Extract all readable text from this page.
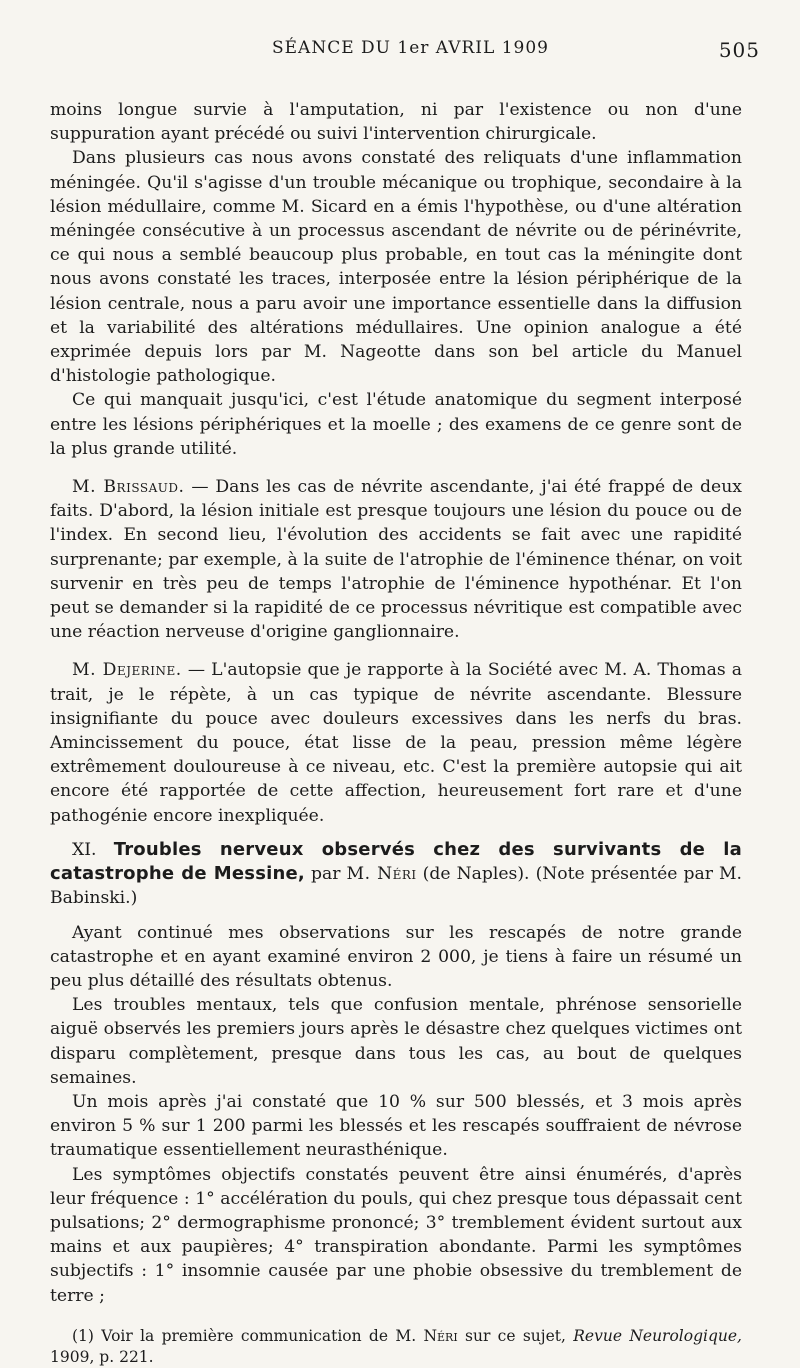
SÉANCE DU 1er AVRIL 1909	505

moins longue survie à l'amputation, ni par l'existence ou non d'une suppuration ayant précédé ou suivi l'intervention chirurgicale.

Dans plusieurs cas nous avons constaté des reliquats d'une inflammation méningée. Qu'il s'agisse d'un trouble mécanique ou trophique, secondaire à la lésion médullaire, comme M. Sicard en a émis l'hypothèse, ou d'une altération méningée consécutive à un processus ascendant de névrite ou de périnévrite, ce qui nous a semblé beaucoup plus probable, en tout cas la méningite dont nous avons constaté les traces, interposée entre la lésion périphérique de la lésion centrale, nous a paru avoir une importance essentielle dans la diffusion et la variabilité des altérations médullaires. Une opinion analogue a été exprimée depuis lors par M. Nageotte dans son bel article du Manuel d'histologie pathologique.

Ce qui manquait jusqu'ici, c'est l'étude anatomique du segment interposé entre les lésions périphériques et la moelle ; des examens de ce genre sont de la plus grande utilité.

M. Brissaud. — Dans les cas de névrite ascendante, j'ai été frappé de deux faits. D'abord, la lésion initiale est presque toujours une lésion du pouce ou de l'index. En second lieu, l'évolution des accidents se fait avec une rapidité surprenante; par exemple, à la suite de l'atrophie de l'éminence thénar, on voit survenir en très peu de temps l'atrophie de l'éminence hypothénar. Et l'on peut se demander si la rapidité de ce processus névritique est compatible avec une réaction nerveuse d'origine ganglionnaire.

M. Dejerine. — L'autopsie que je rapporte à la Société avec M. A. Thomas a trait, je le répète, à un cas typique de névrite ascendante. Blessure insignifiante du pouce avec douleurs excessives dans les nerfs du bras. Amincissement du pouce, état lisse de la peau, pression même légère extrêmement douloureuse à ce niveau, etc. C'est la première autopsie qui ait encore été rapportée de cette affection, heureusement fort rare et d'une pathogénie encore inexpliquée.

XI. Troubles nerveux observés chez des survivants de la catastrophe de Messine, par M. Néri (de Naples). (Note présentée par M. Babinski.)

Ayant continué mes observations sur les rescapés de notre grande catastrophe et en ayant examiné environ 2 000, je tiens à faire un résumé un peu plus détaillé des résultats obtenus.

Les troubles mentaux, tels que confusion mentale, phrénose sensorielle aiguë observés les premiers jours après le désastre chez quelques victimes ont disparu complètement, presque dans tous les cas, au bout de quelques semaines.

Un mois après j'ai constaté que 10 % sur 500 blessés, et 3 mois après environ 5 % sur 1 200 parmi les blessés et les rescapés souffraient de névrose traumatique essentiellement neurasthénique.

Les symptômes objectifs constatés peuvent être ainsi énumérés, d'après leur fréquence : 1° accélération du pouls, qui chez presque tous dépassait cent pulsations; 2° dermographisme prononcé; 3° tremblement évident surtout aux mains et aux paupières; 4° transpiration abondante. Parmi les symptômes subjectifs : 1° insomnie causée par une phobie obsessive du tremblement de terre ;

(1) Voir la première communication de M. Néri sur ce sujet, Revue Neurologique, 1909, p. 221.
